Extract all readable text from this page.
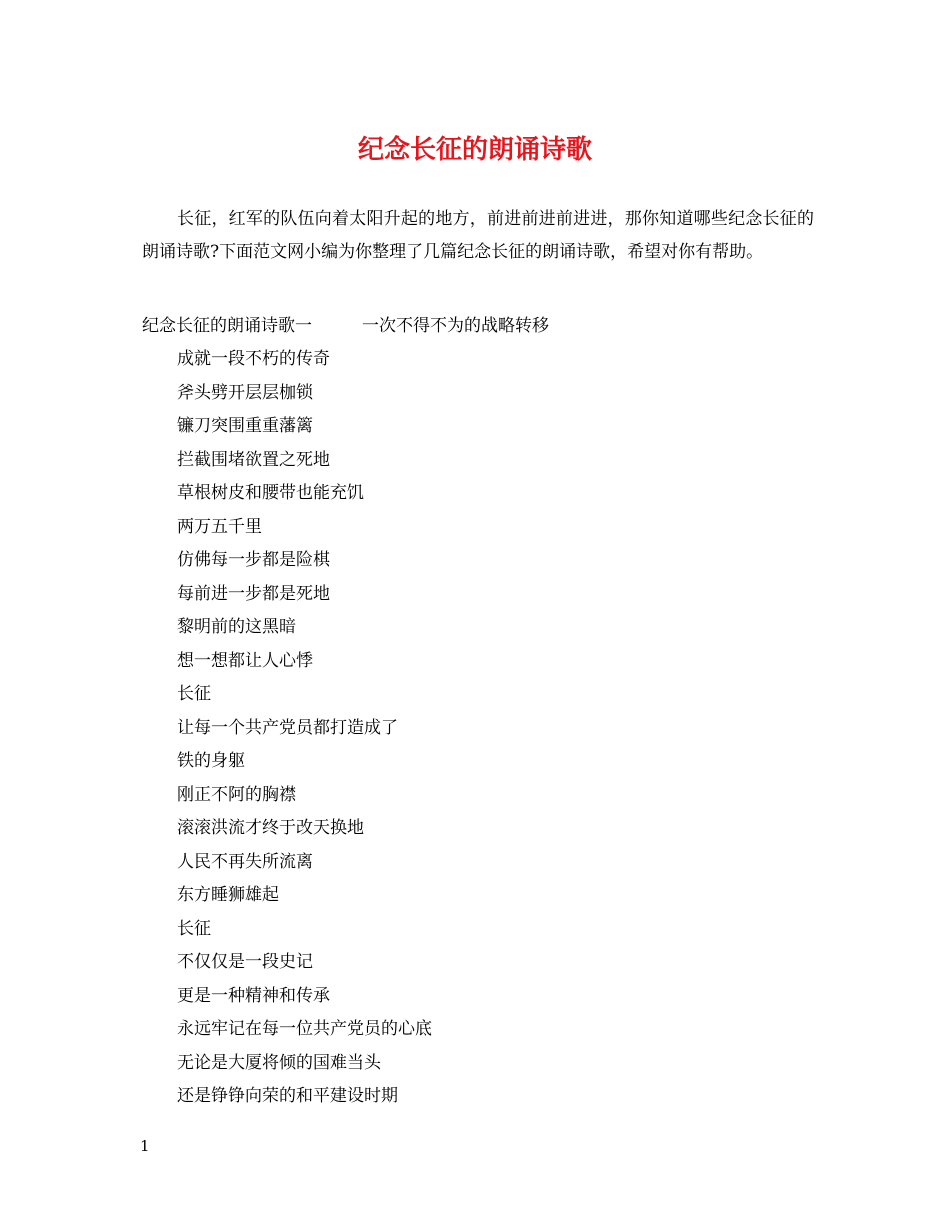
纪念长征的朗诵诗歌

长征，红军的队伍向着太阳升起的地方，前进前进前进进，那你知道哪些纪念长征的朗诵诗歌?下面范文网小编为你整理了几篇纪念长征的朗诵诗歌，希望对你有帮助。

纪念长征的朗诵诗歌一	一次不得不为的战略转移
成就一段不朽的传奇
斧头劈开层层枷锁
镰刀突围重重藩篱
拦截围堵欲置之死地
草根树皮和腰带也能充饥
两万五千里
仿佛每一步都是险棋
每前进一步都是死地
黎明前的这黑暗
想一想都让人心悸
长征
让每一个共产党员都打造成了
铁的身躯
刚正不阿的胸襟
滚滚洪流才终于改天换地
人民不再失所流离
东方睡狮雄起
长征
不仅仅是一段史记
更是一种精神和传承
永远牢记在每一位共产党员的心底
无论是大厦将倾的国难当头
还是铮铮向荣的和平建设时期
1
